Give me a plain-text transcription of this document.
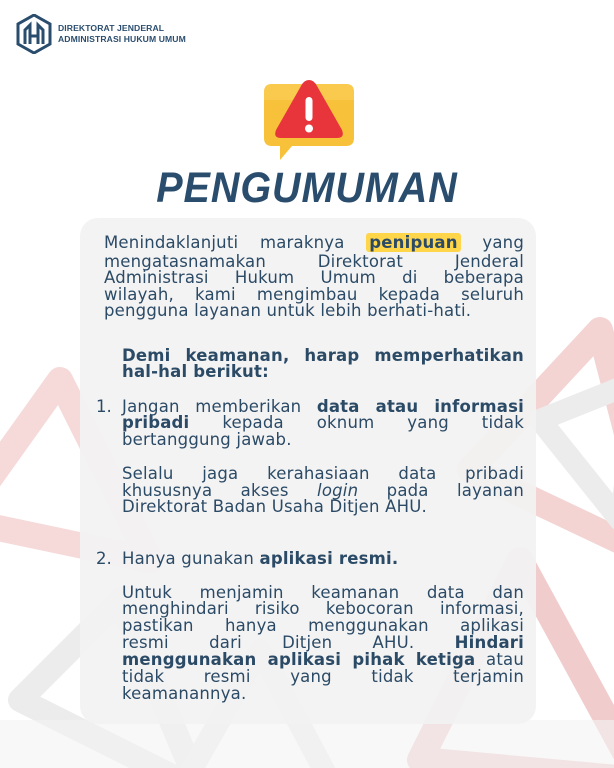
DIREKTORAT JENDERAL
ADMINISTRASI HUKUM UMUM
PENGUMUMAN
Menindaklanjuti maraknya penipuan yang
mengatasnamakan Direktorat Jenderal
Administrasi Hukum Umum di beberapa
wilayah, kami mengimbau kepada seluruh
pengguna layanan untuk lebih berhati-hati.
Demi keamanan, harap memperhatikan
hal-hal berikut:
1. Jangan memberikan data atau informasi
pribadi kepada oknum yang tidak
bertanggung jawab.
Selalu jaga kerahasiaan data pribadi
khususnya akses login pada layanan
Direktorat Badan Usaha Ditjen AHU.
2. Hanya gunakan aplikasi resmi.
Untuk menjamin keamanan data dan
menghindari risiko kebocoran informasi,
pastikan hanya menggunakan aplikasi
resmi dari Ditjen AHU. Hindari
menggunakan aplikasi pihak ketiga atau
tidak resmi yang tidak terjamin
keamanannya.
